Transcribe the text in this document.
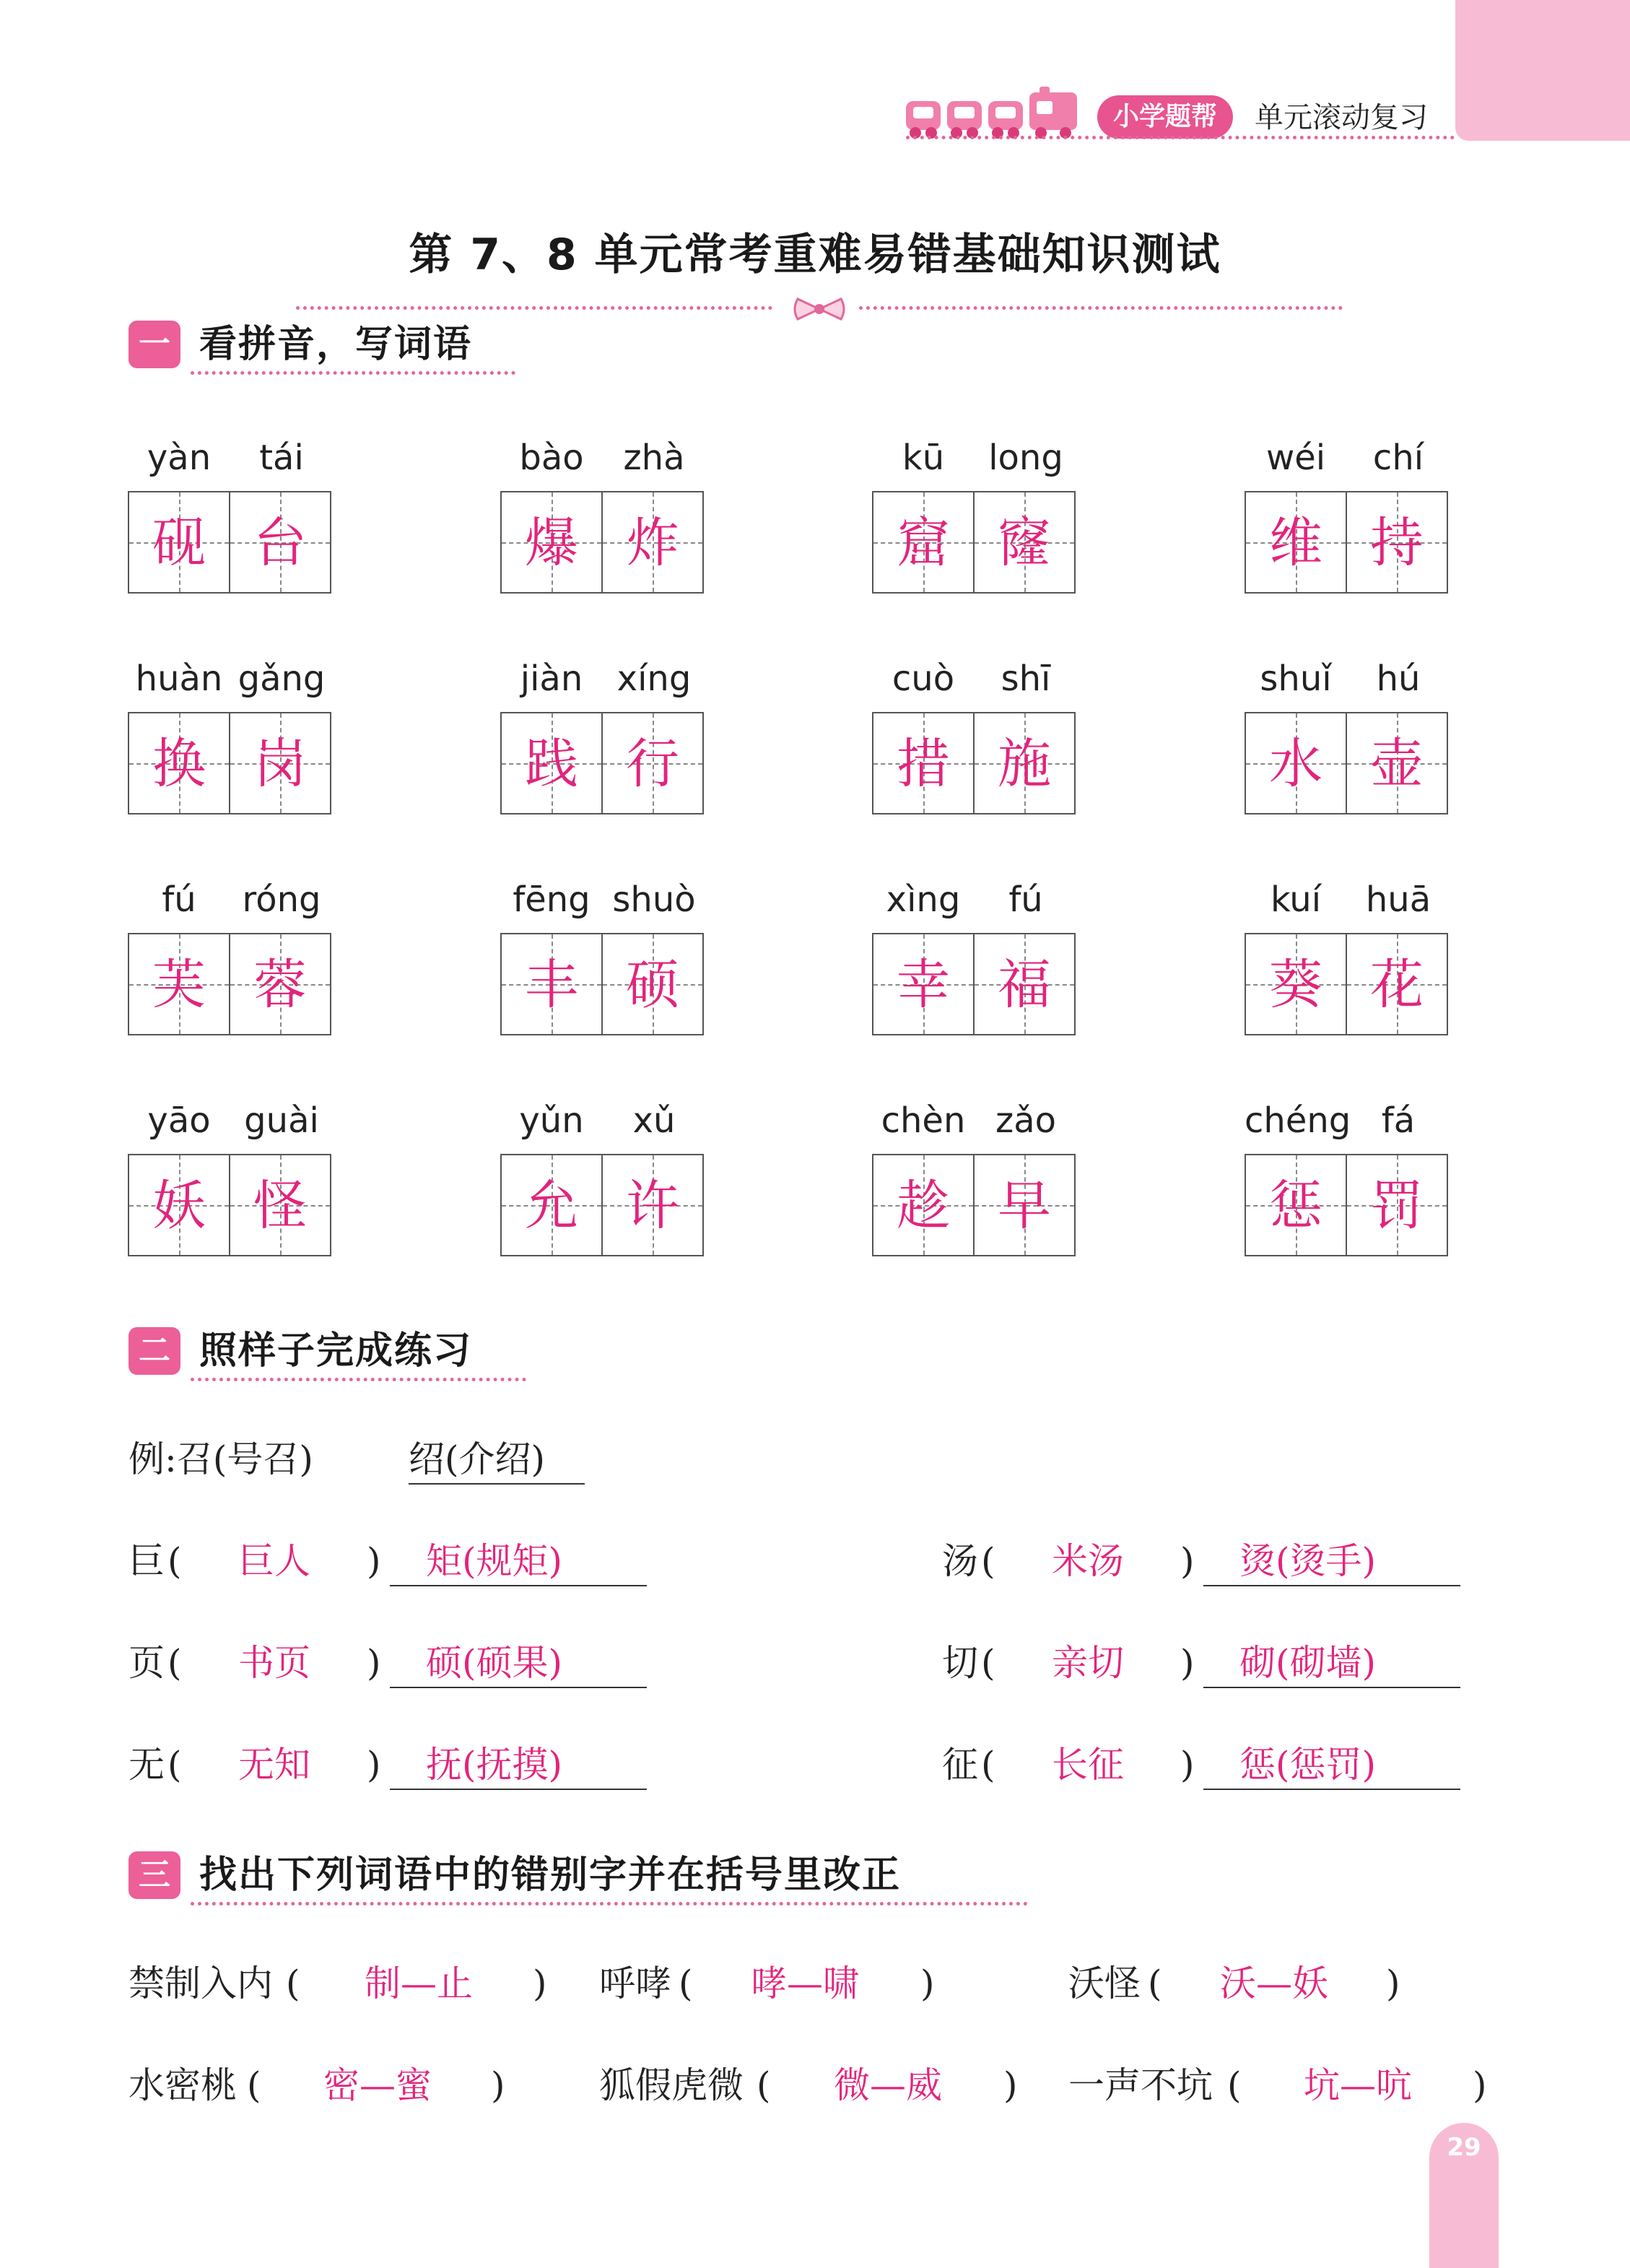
小学题帮	单元滚动复习
第 7、8 单元常考重难易错基础知识测试
一 看拼音，写词语
yàn	tái
砚 台
bào	zhà
爆 炸
kū	long
窟 窿
wéi	chí
维 持
huàn gǎng
换 岗
jiàn xíng
践 行
cuò	shī
措 施
shuǐ	hú
水 壶
fú	róng
芙 蓉
fēng shuò
丰 硕
xìng	fú
幸 福
kuí	huā
葵 花
yāo guài
妖 怪
yǔn	xǔ
允 许
chèn zǎo
趁 早
chéng fá
惩 罚
二 照样子完成练习
例:召(号召)	绍(介绍)
巨 ( 巨人 ) 矩(规矩)
页 ( 书页 ) 硕(硕果)
无 ( 无知 ) 抚(抚摸)
汤 ( 米汤 ) 烫(烫手)
切 ( 亲切 ) 砌(砌墙)
征 ( 长征 ) 惩(惩罚)
三 找出下列词语中的错别字并在括号里改正
禁制入内 ( 制—止 ) 呼哮 ( 哮—啸 )	沃怪 ( 沃—妖 )
水密桃 ( 密—蜜 )	狐假虎微 ( 微—威 ) 一声不坑 ( 坑—吭 )
29
